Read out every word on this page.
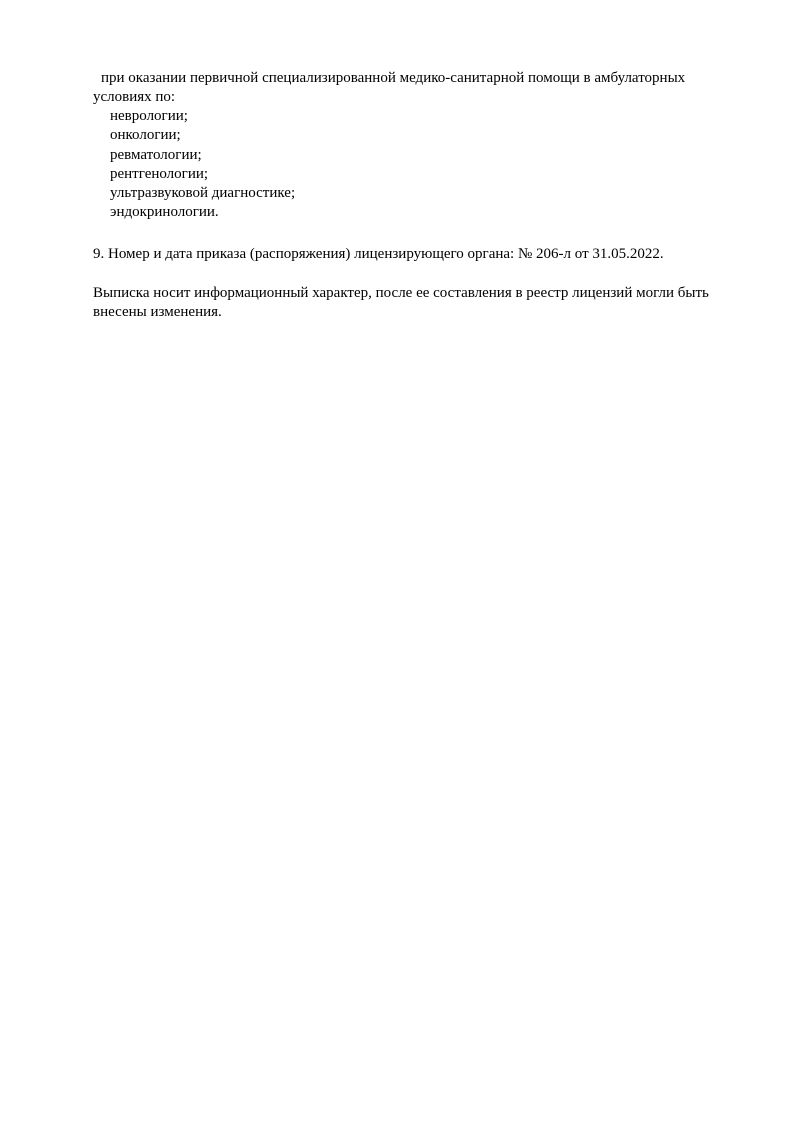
при оказании первичной специализированной медико-санитарной помощи в амбулаторных
условиях по:
неврологии;
онкологии;
ревматологии;
рентгенологии;
ультразвуковой диагностике;
эндокринологии.
9. Номер и дата приказа (распоряжения) лицензирующего органа: № 206-л от 31.05.2022.
Выписка носит информационный характер, после ее составления в реестр лицензий могли быть
внесены изменения.
